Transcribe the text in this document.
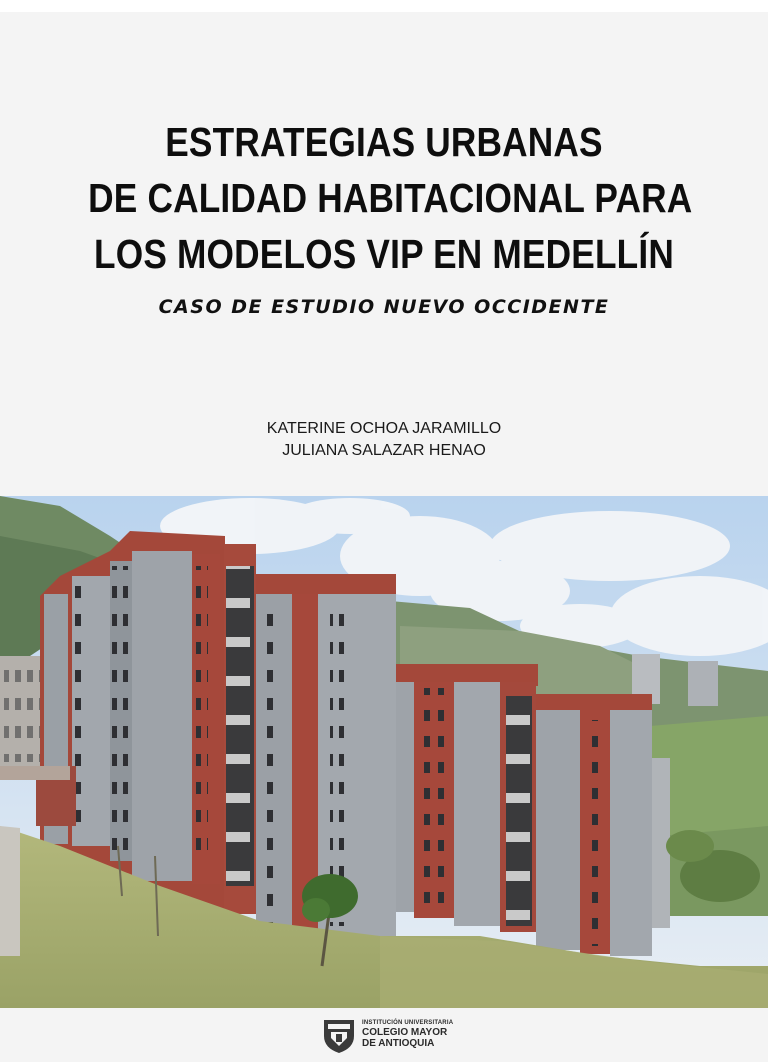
ESTRATEGIAS URBANAS
DE CALIDAD HABITACIONAL PARA
LOS MODELOS VIP EN MEDELLÍN
CASO DE ESTUDIO NUEVO OCCIDENTE
KATERINE OCHOA JARAMILLO
JULIANA SALAZAR HENAO
INSTITUCIÓN UNIVERSITARIA
COLEGIO MAYOR
DE ANTIOQUIA
